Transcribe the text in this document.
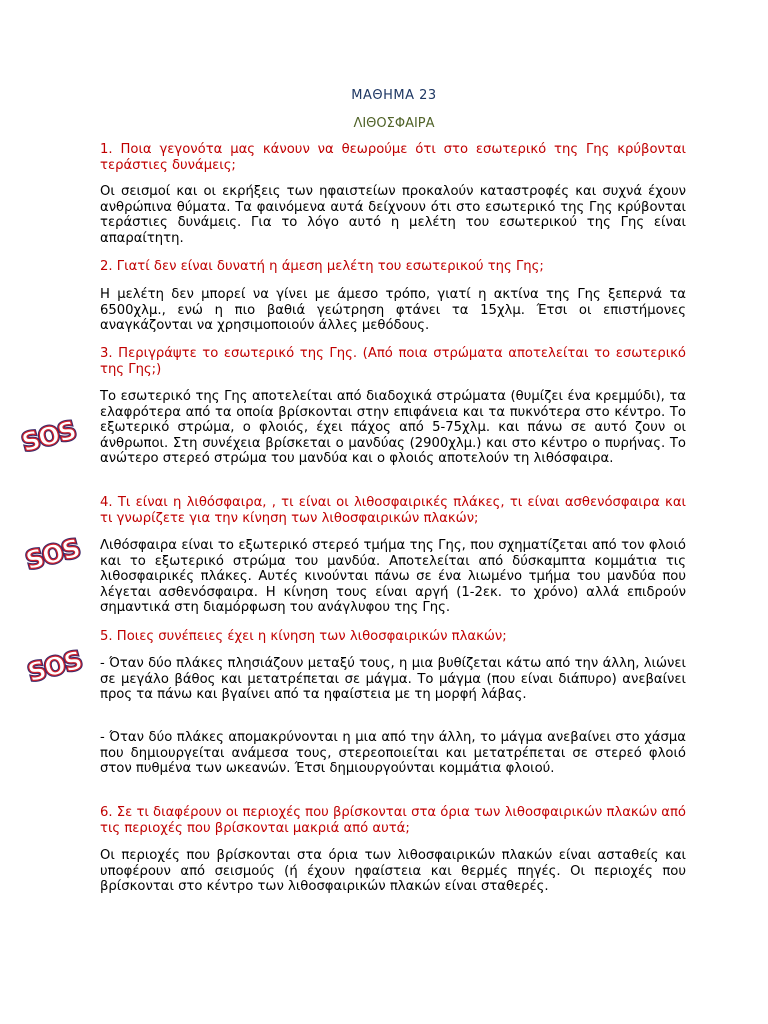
ΜΑΘΗΜΑ 23
ΛΙΘΟΣΦΑΙΡΑ

1. Ποια γεγονότα μας κάνουν να θεωρούμε ότι στο εσωτερικό της Γης κρύβονται τεράστιες δυνάμεις;

Οι σεισμοί και οι εκρήξεις των ηφαιστείων προκαλούν καταστροφές και συχνά έχουν ανθρώπινα θύματα. Τα φαινόμενα αυτά δείχνουν ότι στο εσωτερικό της Γης κρύβονται τεράστιες δυνάμεις. Για το λόγο αυτό η μελέτη του εσωτερικού της Γης είναι απαραίτητη.

2. Γιατί δεν είναι δυνατή η άμεση μελέτη του εσωτερικού της Γης;

Η μελέτη δεν μπορεί να γίνει με άμεσο τρόπο, γιατί η ακτίνα της Γης ξεπερνά τα 6500χλμ., ενώ η πιο βαθιά γεώτρηση φτάνει τα 15χλμ. Έτσι οι επιστήμονες αναγκάζονται να χρησιμοποιούν άλλες μεθόδους.

3. Περιγράψτε το εσωτερικό της Γης. (Από ποια στρώματα αποτελείται το εσωτερικό της Γης;)

Το εσωτερικό της Γης αποτελείται από διαδοχικά στρώματα (θυμίζει ένα κρεμμύδι), τα ελαφρότερα από τα οποία βρίσκονται στην επιφάνεια και τα πυκνότερα στο κέντρο. Το εξωτερικό στρώμα, ο φλοιός, έχει πάχος από 5-75χλμ. και πάνω σε αυτό ζουν οι άνθρωποι. Στη συνέχεια βρίσκεται ο μανδύας (2900χλμ.) και στο κέντρο ο πυρήνας. Το ανώτερο στερεό στρώμα του μανδύα και ο φλοιός αποτελούν τη λιθόσφαιρα.

4. Τι είναι η λιθόσφαιρα, , τι είναι οι λιθοσφαιρικές πλάκες, τι είναι ασθενόσφαιρα και τι γνωρίζετε για την κίνηση των λιθοσφαιρικών πλακών;

Λιθόσφαιρα είναι το εξωτερικό στερεό τμήμα της Γης, που σχηματίζεται από τον φλοιό και το εξωτερικό στρώμα του μανδύα. Αποτελείται από δύσκαμπτα κομμάτια τις λιθοσφαιρικές πλάκες. Αυτές κινούνται πάνω σε ένα λιωμένο τμήμα του μανδύα που λέγεται ασθενόσφαιρα. Η κίνηση τους είναι αργή (1-2εκ. το χρόνο) αλλά επιδρούν σημαντικά στη διαμόρφωση του ανάγλυφου της Γης.

5. Ποιες συνέπειες έχει η κίνηση των λιθοσφαιρικών πλακών;

- Όταν δύο πλάκες πλησιάζουν μεταξύ τους, η μια βυθίζεται κάτω από την άλλη, λιώνει σε μεγάλο βάθος και μετατρέπεται σε μάγμα. Το μάγμα (που είναι διάπυρο) ανεβαίνει προς τα πάνω και βγαίνει από τα ηφαίστεια με τη μορφή λάβας.

- Όταν δύο πλάκες απομακρύνονται η μια από την άλλη, το μάγμα ανεβαίνει στο χάσμα που δημιουργείται ανάμεσα τους, στερεοποιείται και μετατρέπεται σε στερεό φλοιό στον πυθμένα των ωκεανών. Έτσι δημιουργούνται κομμάτια φλοιού.

6. Σε τι διαφέρουν οι περιοχές που βρίσκονται στα όρια των λιθοσφαιρικών πλακών από τις περιοχές που βρίσκονται μακριά από αυτά;

Οι περιοχές που βρίσκονται στα όρια των λιθοσφαιρικών πλακών είναι ασταθείς και υποφέρουν από σεισμούς (ή έχουν ηφαίστεια και θερμές πηγές. Οι περιοχές που βρίσκονται στο κέντρο των λιθοσφαιρικών πλακών είναι σταθερές.
